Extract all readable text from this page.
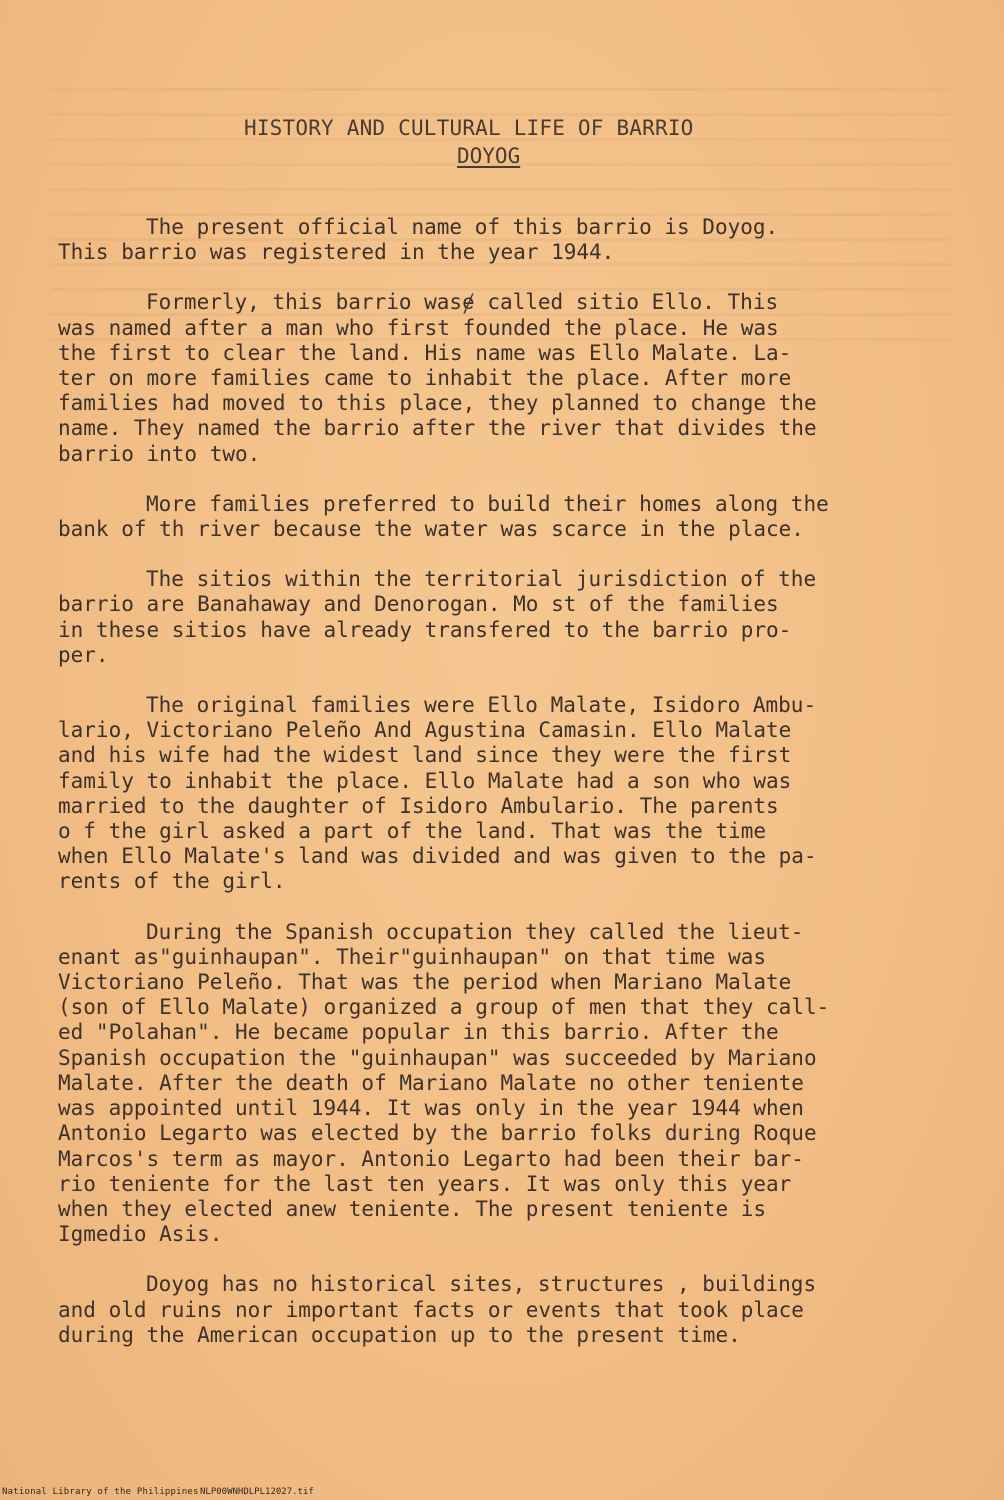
HISTORY AND CULTURAL LIFE OF BARRIO
DOYOG

The present official name of this barrio is Doyog.
This barrio was registered in the year 1944.

Formerly, this barrio wasɇ called sitio Ello. This
was named after a man who first founded the place. He was
the first to clear the land. His name was Ello Malate. La-
ter on more families came to inhabit the place. After more
families had moved to this place, they planned to change the
name. They named the barrio after the river that divides the
barrio into two.

More families preferred to build their homes along the
bank of th river because the water was scarce in the place.

The sitios within the territorial jurisdiction of the
barrio are Banahaway and Denorogan. Mo st of the families
in these sitios have already transfered to the barrio pro-
per.

The original families were Ello Malate, Isidoro Ambu-
lario, Victoriano Peleño And Agustina Camasin. Ello Malate
and his wife had the widest land since they were the first
family to inhabit the place. Ello Malate had a son who was
married to the daughter of Isidoro Ambulario. The parents
o f the girl asked a part of the land. That was the time
when Ello Malate's land was divided and was given to the pa-
rents of the girl.

During the Spanish occupation they called the lieut-
enant as"guinhaupan". Their"guinhaupan" on that time was
Victoriano Peleño. That was the period when Mariano Malate
(son of Ello Malate) organized a group of men that they call-
ed "Polahan". He became popular in this barrio. After the
Spanish occupation the "guinhaupan" was succeeded by Mariano
Malate. After the death of Mariano Malate no other teniente
was appointed until 1944. It was only in the year 1944 when
Antonio Legarto was elected by the barrio folks during Roque
Marcos's term as mayor. Antonio Legarto had been their bar-
rio teniente for the last ten years. It was only this year
when they elected anew teniente. The present teniente is
Igmedio Asis.

Doyog has no historical sites, structures , buildings
and old ruins nor important facts or events that took place
during the American occupation up to the present time.

National Library of the Philippines NLP00WNHDLPL12027.tif
